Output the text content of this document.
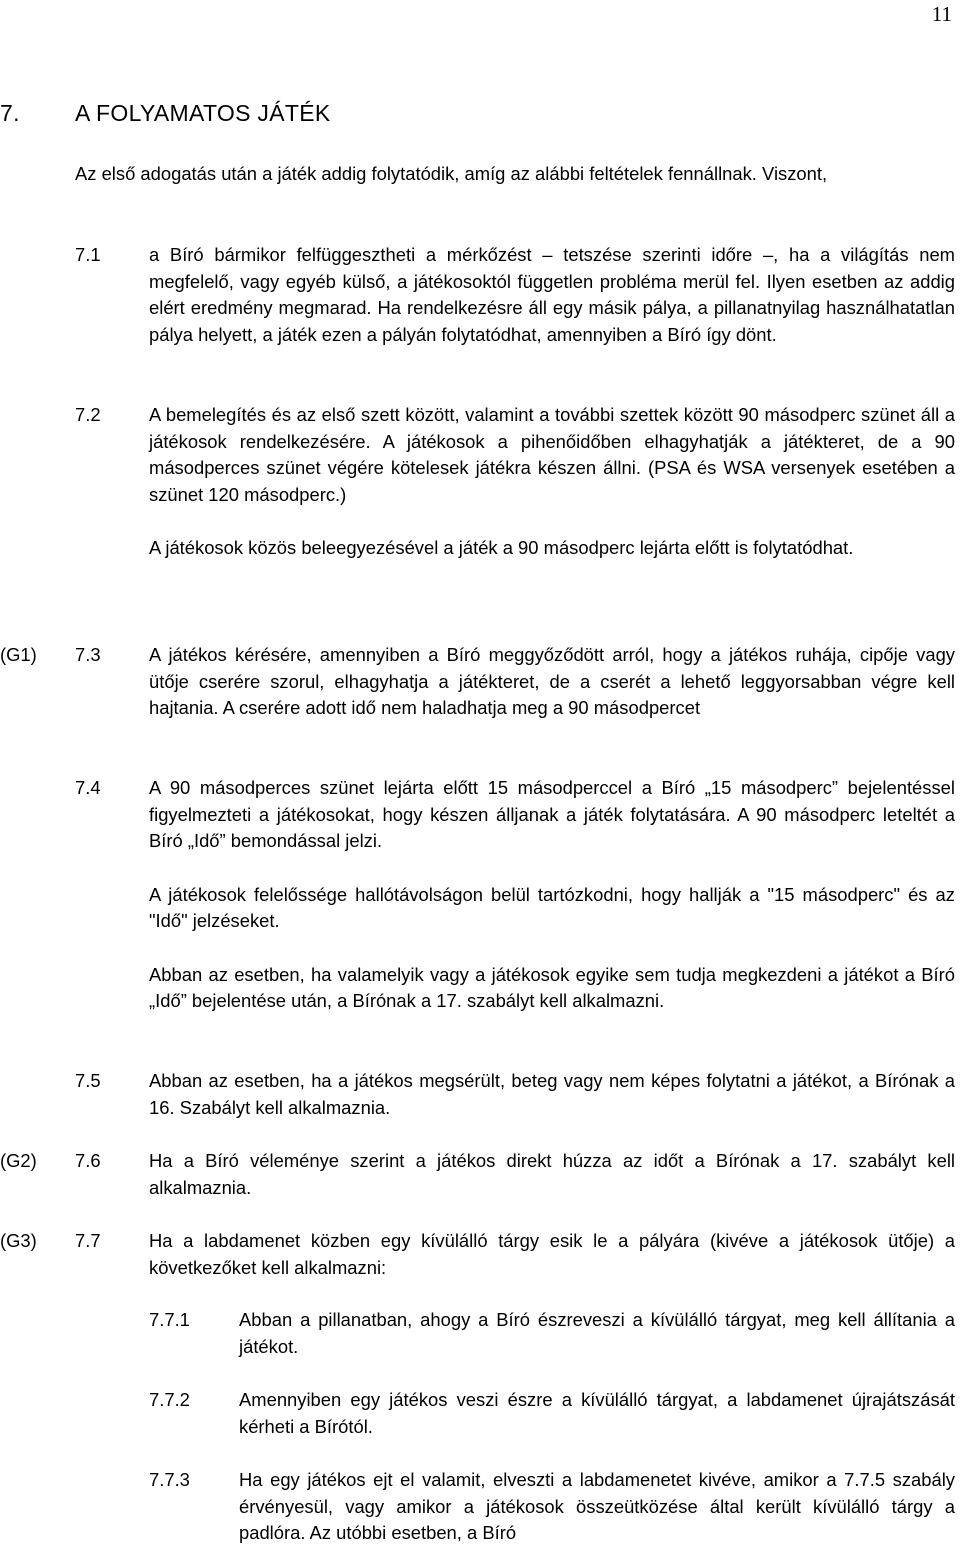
11
7. A FOLYAMATOS JÁTÉK
Az első adogatás után a játék addig folytatódik, amíg az alábbi feltételek fennállnak. Viszont,
7.1	a Bíró bármikor felfüggesztheti a mérkőzést – tetszése szerinti időre –, ha a világítás nem megfelelő, vagy egyéb külső, a játékosoktól független probléma merül fel. Ilyen esetben az addig elért eredmény megmarad. Ha rendelkezésre áll egy másik pálya, a pillanatnyilag használhatatlan pálya helyett, a játék ezen a pályán folytatódhat, amennyiben a Bíró így dönt.

7.2	A bemelegítés és az első szett között, valamint a további szettek között 90 másodperc szünet áll a játékosok rendelkezésére. A játékosok a pihenőidőben elhagyhatják a játékteret, de a 90 másodperces szünet végére kötelesek játékra készen állni. (PSA és WSA versenyek esetében a szünet 120 másodperc.)

A játékosok közös beleegyezésével a játék a 90 másodperc lejárta előtt is folytatódhat.

(G1) 7.3	A játékos kérésére, amennyiben a Bíró meggyőződött arról, hogy a játékos ruhája, cipője vagy ütője cserére szorul, elhagyhatja a játékteret, de a cserét a lehető leggyorsabban végre kell hajtania. A cserére adott idő nem haladhatja meg a 90 másodpercet

7.4	A 90 másodperces szünet lejárta előtt 15 másodperccel a Bíró „15 másodperc” bejelentéssel figyelmezteti a játékosokat, hogy készen álljanak a játék folytatására. A 90 másodperc leteltét a Bíró „Idő” bemondással jelzi.

A játékosok felelőssége hallótávolságon belül tartózkodni, hogy hallják a "15 másodperc" és az "Idő" jelzéseket.

Abban az esetben, ha valamelyik vagy a játékosok egyike sem tudja megkezdeni a játékot a Bíró „Idő” bejelentése után, a Bírónak a 17. szabályt kell alkalmazni.

7.5	Abban az esetben, ha a játékos megsérült, beteg vagy nem képes folytatni a játékot, a Bírónak a 16. Szabályt kell alkalmaznia.

(G2) 7.6	Ha a Bíró véleménye szerint a játékos direkt húzza az időt a Bírónak a 17. szabályt kell alkalmaznia.

(G3) 7.7	Ha a labdamenet közben egy kívülálló tárgy esik le a pályára (kivéve a játékosok ütője) a következőket kell alkalmazni:

7.7.1	Abban a pillanatban, ahogy a Bíró észreveszi a kívülálló tárgyat, meg kell állítania a játékot.
7.7.2	Amennyiben egy játékos veszi észre a kívülálló tárgyat, a labdamenet újrajátszását kérheti a Bírótól.
7.7.3	Ha egy játékos ejt el valamit, elveszti a labdamenetet kivéve, amikor a 7.7.5 szabály érvényesül, vagy amikor a játékosok összeütközése által került kívülálló tárgy a padlóra. Az utóbbi esetben, a Bíró
